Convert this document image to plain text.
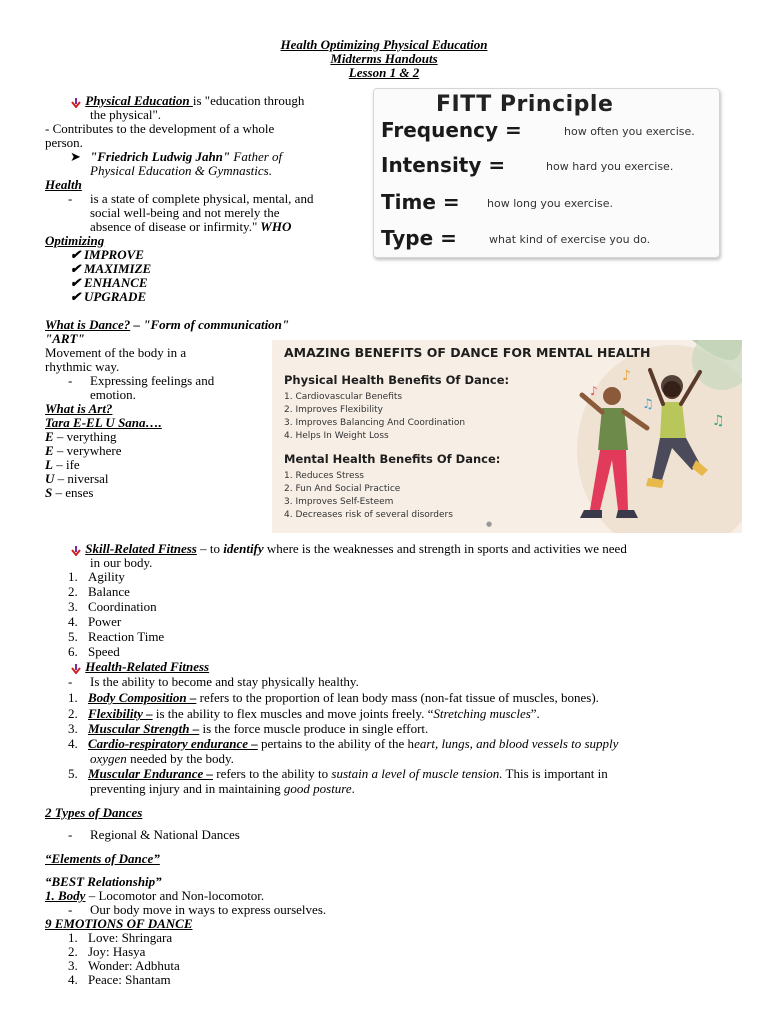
Health Optimizing Physical Education
Midterms Handouts
Lesson 1 & 2
Physical Education is "education through
the physical".
- Contributes to the development of a whole
person.
➤ "Friedrich Ludwig Jahn" Father of
Physical Education & Gymnastics.
Health
- is a state of complete physical, mental, and
social well-being and not merely the
absence of disease or infirmity." WHO
Optimizing
✔ IMPROVE
✔ MAXIMIZE
✔ ENHANCE
✔ UPGRADE
FITT Principle
Frequency =	how often you exercise.
Intensity =	how hard you exercise.
Time = how long you exercise.
Type =	what kind of exercise you do.
What is Dance? – "Form of communication"
"ART"
Movement of the body in a
rhythmic way.
- Expressing feelings and
emotion.
What is Art?
Tara E-EL U Sana….
E – verything
E – verywhere
L – ife
U – niversal
S – enses
AMAZING BENEFITS OF DANCE FOR MENTAL HEALTH
Physical Health Benefits Of Dance:
1. Cardiovascular Benefits
2. Improves Flexibility
3. Improves Balancing And Coordination
4. Helps In Weight Loss
Mental Health Benefits Of Dance:
1. Reduces Stress
2. Fun And Social Practice
3. Improves Self-Esteem
4. Decreases risk of several disorders
♪
♫
♫
♪
●
Skill-Related Fitness – to identify where is the weaknesses and strength in sports and activities we need
in our body.
1. Agility
2. Balance
3. Coordination
4. Power
5. Reaction Time
6. Speed
Health-Related Fitness
- Is the ability to become and stay physically healthy.
1. Body Composition – refers to the proportion of lean body mass (non-fat tissue of muscles, bones).
2. Flexibility – is the ability to flex muscles and move joints freely. “Stretching muscles”.
3. Muscular Strength – is the force muscle produce in single effort.
4. Cardio-respiratory endurance – pertains to the ability of the heart, lungs, and blood vessels to supply
oxygen needed by the body.
5. Muscular Endurance – refers to the ability to sustain a level of muscle tension. This is important in
preventing injury and in maintaining good posture.
2 Types of Dances
- Regional & National Dances
“Elements of Dance”
“BEST Relationship”
1. Body – Locomotor and Non-locomotor.
- Our body move in ways to express ourselves.
9 EMOTIONS OF DANCE
1. Love: Shringara
2. Joy: Hasya
3. Wonder: Adbhuta
4. Peace: Shantam
